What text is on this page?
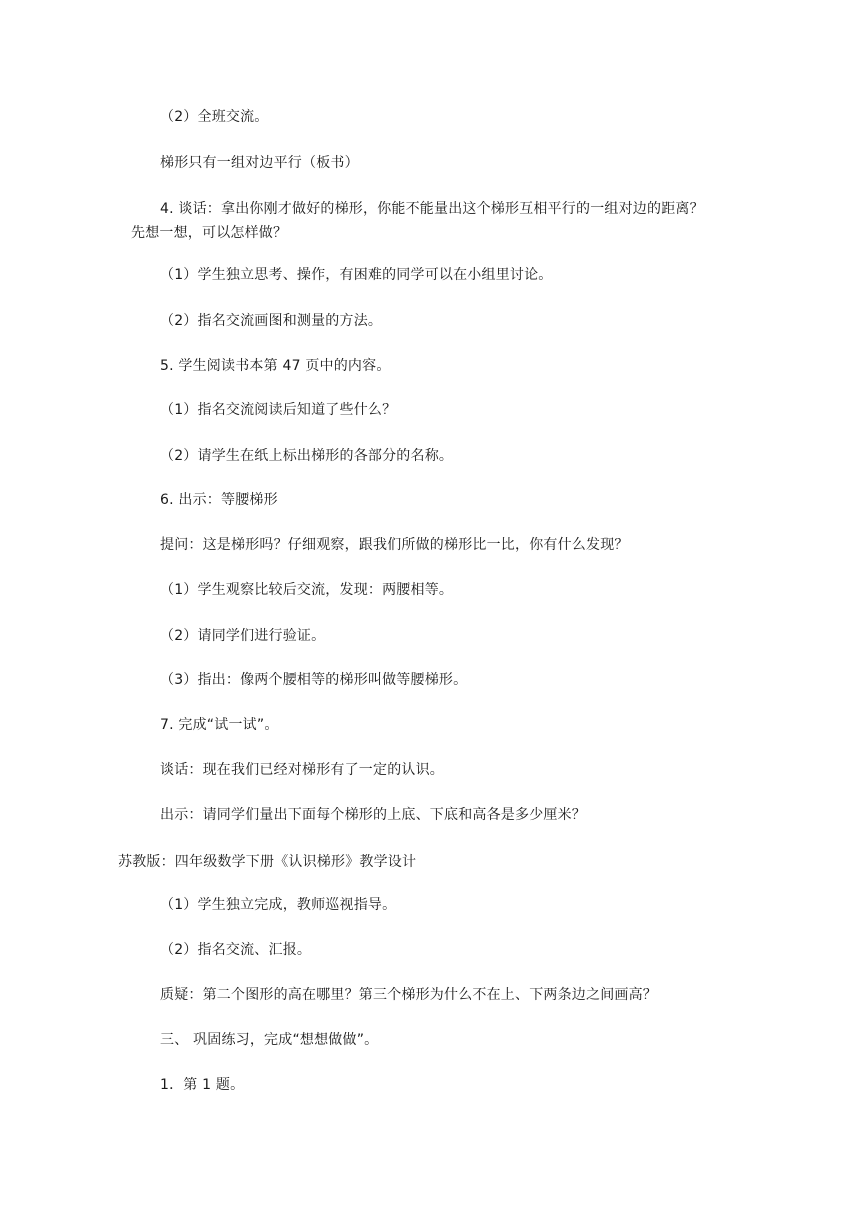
（2）全班交流。
梯形只有一组对边平行（板书）
4. 谈话：拿出你刚才做好的梯形，你能不能量出这个梯形互相平行的一组对边的距离？
先想一想，可以怎样做？
（1）学生独立思考、操作，有困难的同学可以在小组里讨论。
（2）指名交流画图和测量的方法。
5. 学生阅读书本第 47 页中的内容。
（1）指名交流阅读后知道了些什么？
（2）请学生在纸上标出梯形的各部分的名称。
6. 出示：等腰梯形
提问：这是梯形吗？仔细观察，跟我们所做的梯形比一比，你有什么发现？
（1）学生观察比较后交流，发现：两腰相等。
（2）请同学们进行验证。
（3）指出：像两个腰相等的梯形叫做等腰梯形。
7. 完成“试一试”。
谈话：现在我们已经对梯形有了一定的认识。
出示：请同学们量出下面每个梯形的上底、下底和高各是多少厘米？
苏教版：四年级数学下册《认识梯形》教学设计
（1）学生独立完成，教师巡视指导。
（2）指名交流、汇报。
质疑：第二个图形的高在哪里？第三个梯形为什么不在上、下两条边之间画高？
三、 巩固练习，完成“想想做做”。
1．第 1 题。
